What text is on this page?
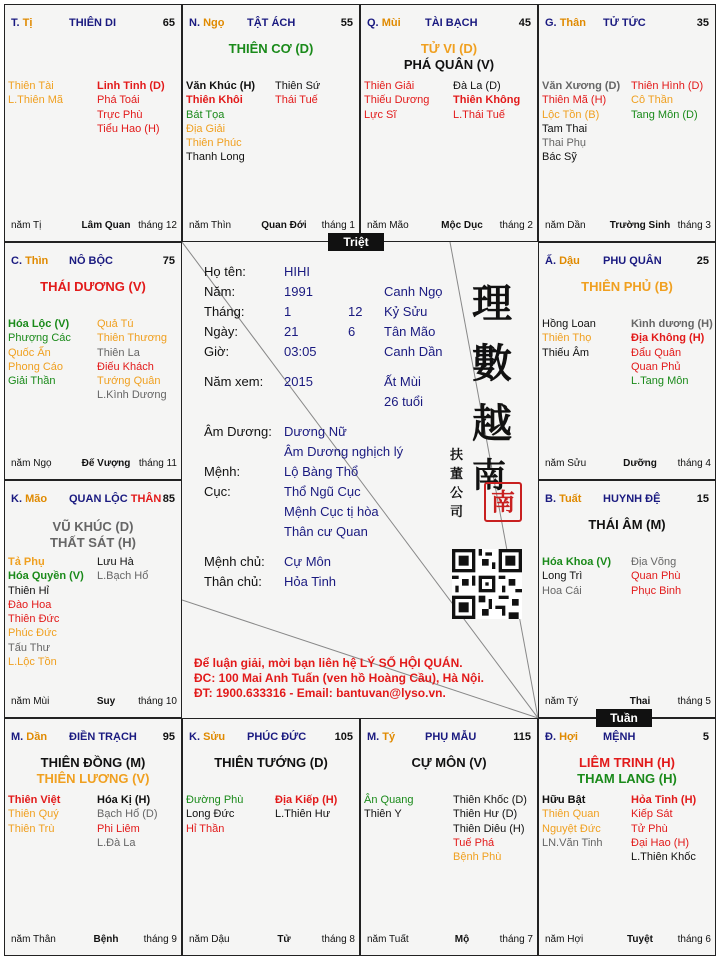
T. Tị	THIÊN DI	65
Thiên Tài
L.Thiên Mã
Linh Tinh (D)
Phá Toái
Trực Phù
Tiểu Hao (H)
năm Tị	Lâm Quan tháng 12
N. Ngọ TẬT ÁCH	55
THIÊN CƠ (D)
Văn Khúc (H)
Thiên Khôi
Bát Tọa
Địa Giải
Thiên Phúc
Thanh Long
Thiên Sứ
Thái Tuế
năm Thìn	Quan Đới	tháng 1
Q. Mùi TÀI BẠCH	45
TỬ VI (D)
PHÁ QUÂN (V)
Thiên Giải
Thiếu Dương
Lực Sĩ
Đà La (D)
Thiên Không
L.Thái Tuế
năm Mão	Mộc Dục	tháng 2
G. Thân TỬ TỨC	35
Văn Xương (D)
Thiên Mã (H)
Lộc Tồn (B)
Tam Thai
Thai Phụ
Bác Sỹ
Thiên Hình (D)
Cô Thần
Tang Môn (D)
năm Dần	Trường Sinh tháng 3
C. Thìn NÔ BỘC	75
THÁI DƯƠNG (V)
Hóa Lộc (V)
Phượng Các
Quốc Ấn
Phong Cáo
Giải Thần
Quả Tú
Thiên Thương
Thiên La
Điếu Khách
Tướng Quân
L.Kình Dương
năm Ngọ	Đế Vượng tháng 11
Ấ. Dậu PHU QUÂN	25
THIÊN PHỦ (B)
Hồng Loan
Thiên Thọ
Thiếu Âm
Kình dương (H)
Địa Không (H)
Đẩu Quân
Quan Phủ
L.Tang Môn
năm Sửu	Dưỡng	tháng 4
K. Mão QUAN LỘC THÂN 85
VŨ KHÚC (D)
THẤT SÁT (H)
Tả Phụ
Hóa Quyền (V)
Thiên Hỉ
Đào Hoa
Thiên Đức
Phúc Đức
Tấu Thư
L.Lộc Tồn
Lưu Hà
L.Bạch Hổ
năm Mùi	Suy	tháng 10
B. Tuất HUYNH ĐỆ	15
THÁI ÂM (M)
Hóa Khoa (V)
Long Trì
Hoa Cái
Địa Võng
Quan Phù
Phục Binh
năm Tý	Thai	tháng 5
M. Dần ĐIỀN TRẠCH 95
THIÊN ĐỒNG (M)
THIÊN LƯƠNG (V)
Thiên Việt
Thiên Quý
Thiên Trù
Hóa Kị (H)
Bạch Hổ (D)
Phi Liêm
L.Đà La
năm Thân	Bệnh	tháng 9
K. Sửu PHÚC ĐỨC	105
THIÊN TƯỚNG (D)
Đường Phù
Long Đức
Hỉ Thần
Địa Kiếp (H)
L.Thiên Hư
năm Dậu	Tử	tháng 8
M. Tý	PHỤ MẪU	115
CỰ MÔN (V)
Ân Quang
Thiên Y
Thiên Khốc (D)
Thiên Hư (D)
Thiên Diêu (H)
Tuế Phá
Bệnh Phù
năm Tuất	Mộ	tháng 7
Đ. Hợi MỆNH	5
LIÊM TRINH (H)
THAM LANG (H)
Hữu Bật
Thiên Quan
Nguyệt Đức
LN.Văn Tinh
Hỏa Tinh (H)
Kiếp Sát
Tử Phù
Đại Hao (H)
L.Thiên Khốc
năm Hợi	Tuyệt	tháng 6
Họ tên:	HIHI
Năm:	1991	Canh Ngọ
Tháng:	1	12 Kỷ Sửu
Ngày:	21	6 Tân Mão
Giờ:	03:05	Canh Dần
Năm xem: 2015	Ất Mùi
26 tuổi
Âm Dương: Dương Nữ
Âm Dương nghịch lý
Mệnh:	Lộ Bàng Thổ
Cục:	Thổ Ngũ Cục
Mệnh Cục tị hòa
Thân cư Quan
Mệnh chủ: Cự Môn
Thân chủ: Hỏa Tinh
理
數
越
南
扶
董
公
司 南
Để luận giải, mời bạn liên hệ LÝ SỐ HỘI QUÁN.
ĐC: 100 Mai Anh Tuấn (ven hồ Hoàng Cầu), Hà Nội.
ĐT: 1900.633316 - Email: bantuvan@lyso.vn.
Triệt
Tuần
